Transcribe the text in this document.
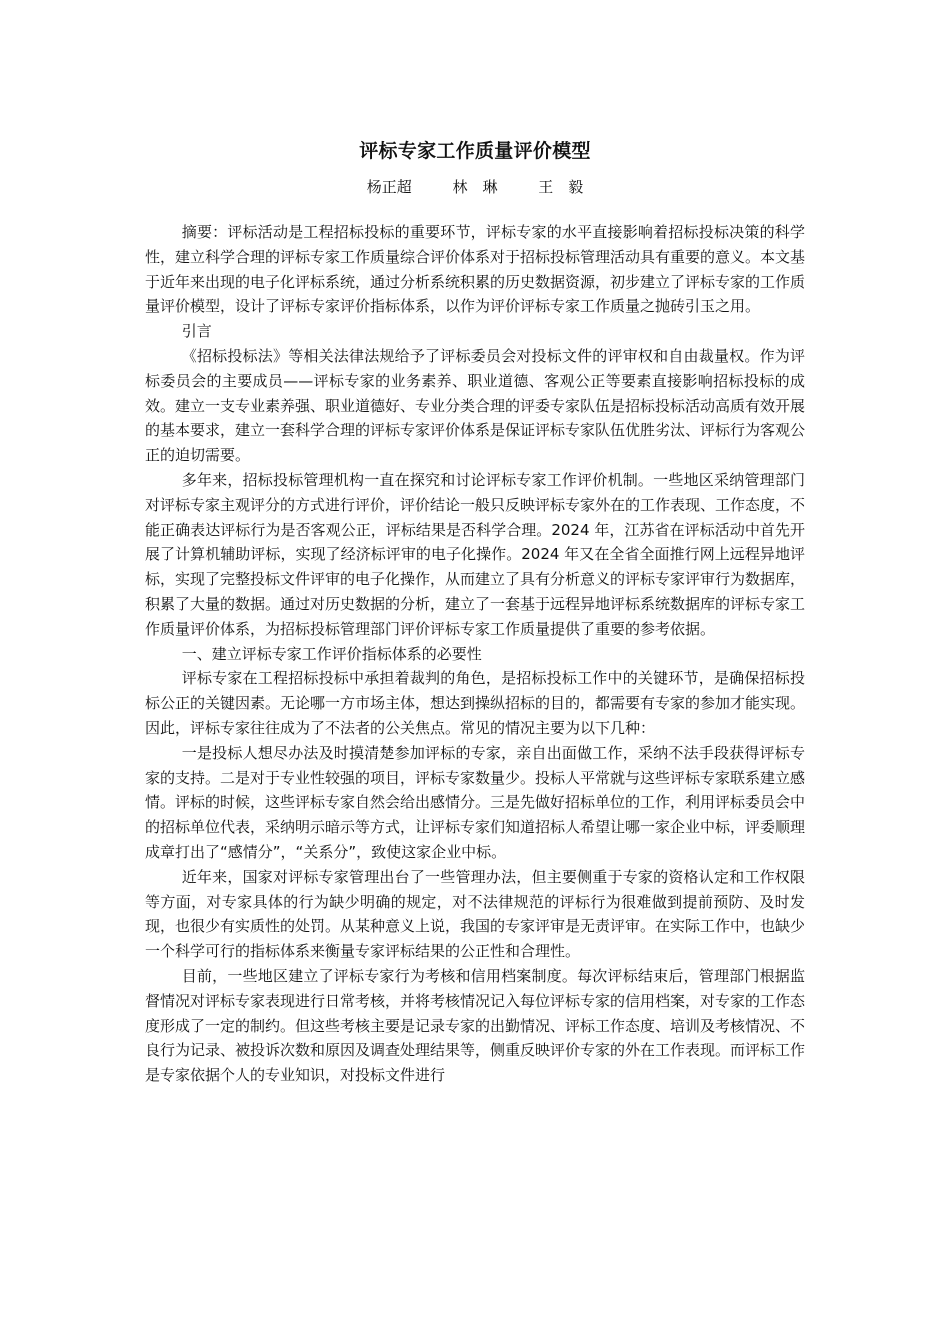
评标专家工作质量评价模型
杨正超	林　琳	王　毅

摘要：评标活动是工程招标投标的重要环节，评标专家的水平直接影响着招标投标决策的科学性，建立科学合理的评标专家工作质量综合评价体系对于招标投标管理活动具有重要的意义。本文基于近年来出现的电子化评标系统，通过分析系统积累的历史数据资源，初步建立了评标专家的工作质量评价模型，设计了评标专家评价指标体系，以作为评价评标专家工作质量之抛砖引玉之用。

引言

《招标投标法》等相关法律法规给予了评标委员会对投标文件的评审权和自由裁量权。作为评标委员会的主要成员——评标专家的业务素养、职业道德、客观公正等要素直接影响招标投标的成效。建立一支专业素养强、职业道德好、专业分类合理的评委专家队伍是招标投标活动高质有效开展的基本要求，建立一套科学合理的评标专家评价体系是保证评标专家队伍优胜劣汰、评标行为客观公正的迫切需要。

多年来，招标投标管理机构一直在探究和讨论评标专家工作评价机制。一些地区采纳管理部门对评标专家主观评分的方式进行评价，评价结论一般只反映评标专家外在的工作表现、工作态度，不能正确表达评标行为是否客观公正，评标结果是否科学合理。2024 年，江苏省在评标活动中首先开展了计算机辅助评标，实现了经济标评审的电子化操作。2024 年又在全省全面推行网上远程异地评标，实现了完整投标文件评审的电子化操作，从而建立了具有分析意义的评标专家评审行为数据库，积累了大量的数据。通过对历史数据的分析，建立了一套基于远程异地评标系统数据库的评标专家工作质量评价体系，为招标投标管理部门评价评标专家工作质量提供了重要的参考依据。

一、建立评标专家工作评价指标体系的必要性

评标专家在工程招标投标中承担着裁判的角色，是招标投标工作中的关键环节，是确保招标投标公正的关键因素。无论哪一方市场主体，想达到操纵招标的目的，都需要有专家的参加才能实现。因此，评标专家往往成为了不法者的公关焦点。常见的情况主要为以下几种：

一是投标人想尽办法及时摸清楚参加评标的专家，亲自出面做工作，采纳不法手段获得评标专家的支持。二是对于专业性较强的项目，评标专家数量少。投标人平常就与这些评标专家联系建立感情。评标的时候，这些评标专家自然会给出感情分。三是先做好招标单位的工作，利用评标委员会中的招标单位代表，采纳明示暗示等方式，让评标专家们知道招标人希望让哪一家企业中标，评委顺理成章打出了“感情分”，“关系分”，致使这家企业中标。

近年来，国家对评标专家管理出台了一些管理办法，但主要侧重于专家的资格认定和工作权限等方面，对专家具体的行为缺少明确的规定，对不法律规范的评标行为很难做到提前预防、及时发现，也很少有实质性的处罚。从某种意义上说，我国的专家评审是无责评审。在实际工作中，也缺少一个科学可行的指标体系来衡量专家评标结果的公正性和合理性。

目前，一些地区建立了评标专家行为考核和信用档案制度。每次评标结束后，管理部门根据监督情况对评标专家表现进行日常考核，并将考核情况记入每位评标专家的信用档案，对专家的工作态度形成了一定的制约。但这些考核主要是记录专家的出勤情况、评标工作态度、培训及考核情况、不良行为记录、被投诉次数和原因及调查处理结果等，侧重反映评价专家的外在工作表现。而评标工作是专家依据个人的专业知识，对投标文件进行
